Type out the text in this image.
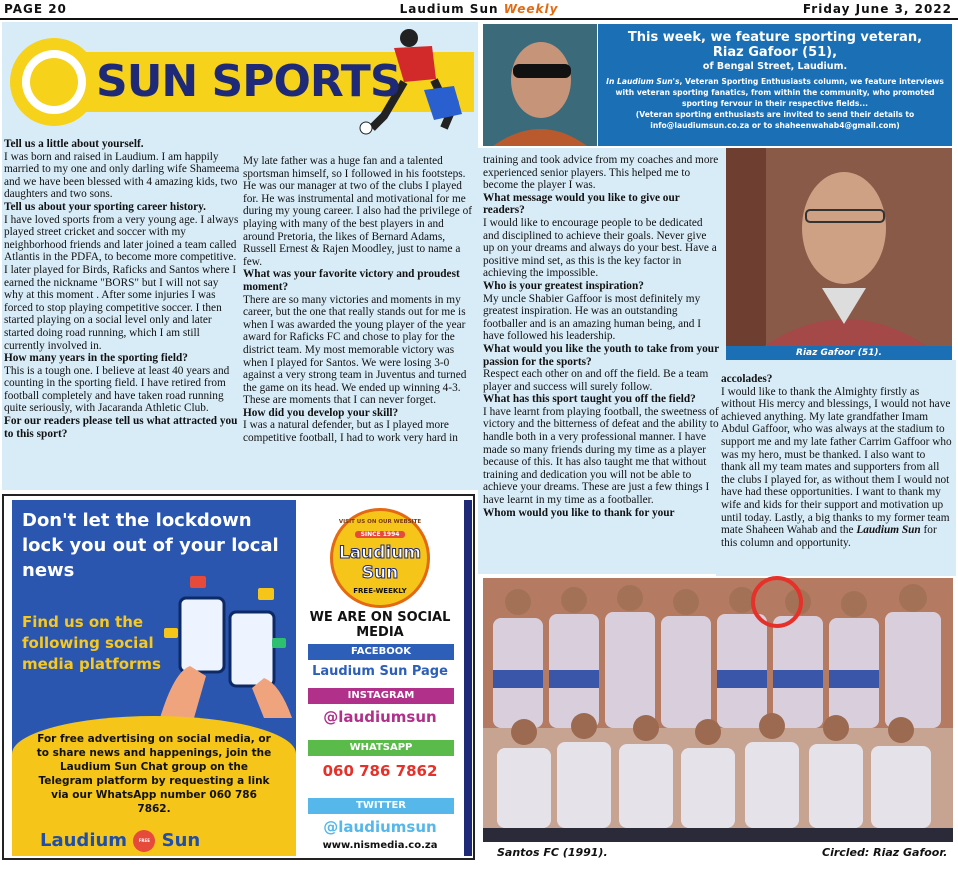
PAGE 20	Laudium Sun Weekly	Friday June 3, 2022
SUN SPORTS
This week, we feature sporting veteran,
Riaz Gafoor (51),
of Bengal Street, Laudium.
In Laudium Sun's, Veteran Sporting Enthusiasts column, we feature interviews with veteran sporting fanatics, from within the community, who promoted sporting fervour in their respective fields...
(Veteran sporting enthusiasts are invited to send their details to info@laudiumsun.co.za or to shaheenwahab4@gmail.com)

Tell us a little about yourself.

I was born and raised in Laudium. I am happily married to my one and only darling wife Shameema and we have been blessed with 4 amazing kids, two daughters and two sons.

Tell us about your sporting career history.

I have loved sports from a very young age. I always played street cricket and soccer with my neighborhood friends and later joined a team called Atlantis in the PDFA, to become more competitive. I later played for Birds, Raficks and Santos where I earned the nickname "BORS" but I will not say why at this moment . After some injuries I was forced to stop playing competitive soccer. I then started playing on a social level only and later started doing road running, which I am still currently involved in.

How many years in the sporting field?

This is a tough one. I believe at least 40 years and counting in the sporting field. I have retired from football completely and have taken road running quite seriously, with Jacaranda Athletic Club.

For our readers please tell us what attracted you to this sport?

My late father was a huge fan and a talented sportsman himself, so I followed in his footsteps. He was our manager at two of the clubs I played for. He was instrumental and motivational for me during my young career. I also had the privilege of playing with many of the best players in and around Pretoria, the likes of Bernard Adams, Russell Ernest & Rajen Moodley, just to name a few.

What was your favorite victory and proudest moment?

There are so many victories and moments in my career, but the one that really stands out for me is when I was awarded the young player of the year award for Raficks FC and chose to play for the district team. My most memorable victory was when I played for Santos. We were losing 3-0 against a very strong team in Juventus and turned the game on its head. We ended up winning 4-3. These are moments that I can never forget.

How did you develop your skill?

I was a natural defender, but as I played more competitive football, I had to work very hard in

training and took advice from my coaches and more experienced senior players. This helped me to become the player I was.

What message would you like to give our readers?

I would like to encourage people to be dedicated and disciplined to achieve their goals. Never give up on your dreams and always do your best. Have a positive mind set, as this is the key factor in achieving the impossible.

Who is your greatest inspiration?

My uncle Shabier Gaffoor is most definitely my greatest inspiration. He was an outstanding footballer and is an amazing human being, and I have followed his leadership.

What would you like the youth to take from your passion for the sports?

Respect each other on and off the field. Be a team player and success will surely follow.

What has this sport taught you off the field?

I have learnt from playing football, the sweetness of victory and the bitterness of defeat and the ability to handle both in a very professional manner. I have made so many friends during my time as a player because of this. It has also taught me that without training and dedication you will not be able to achieve your dreams. These are just a few things I have learnt in my time as a footballer.

Whom would you like to thank for your

accolades?

I would like to thank the Almighty firstly as without His mercy and blessings, I would not have achieved anything. My late grandfather Imam Abdul Gaffoor, who was always at the stadium to support me and my late father Carrim Gaffoor who was my hero, must be thanked. I also want to thank all my team mates and supporters from all the clubs I played for, as without them I would not have had these opportunities. I want to thank my wife and kids for their support and motivation up until today. Lastly, a big thanks to my former team mate Shaheen Wahab and the Laudium Sun for this column and opportunity.

Riaz Gafoor (51).
Santos FC (1991).	Circled: Riaz Gafoor.
Don't let the lockdown lock you out of your local news
Find us on the following social media platforms

For free advertising on social media, or to share news and happenings, join the Laudium Sun Chat group on the Telegram platform by requesting a link via our WhatsApp number 060 786 7862.

Laudium	FREE WEEKLY Sun
VISIT US ON OUR WEBSITE
SINCE 1994
Laudium
Sun
FREE-WEEKLY
WE ARE ON SOCIAL MEDIA
FACEBOOK
Laudium Sun Page
INSTAGRAM
@laudiumsun
WHATSAPP
060 786 7862
TWITTER
@laudiumsun
www.nismedia.co.za
